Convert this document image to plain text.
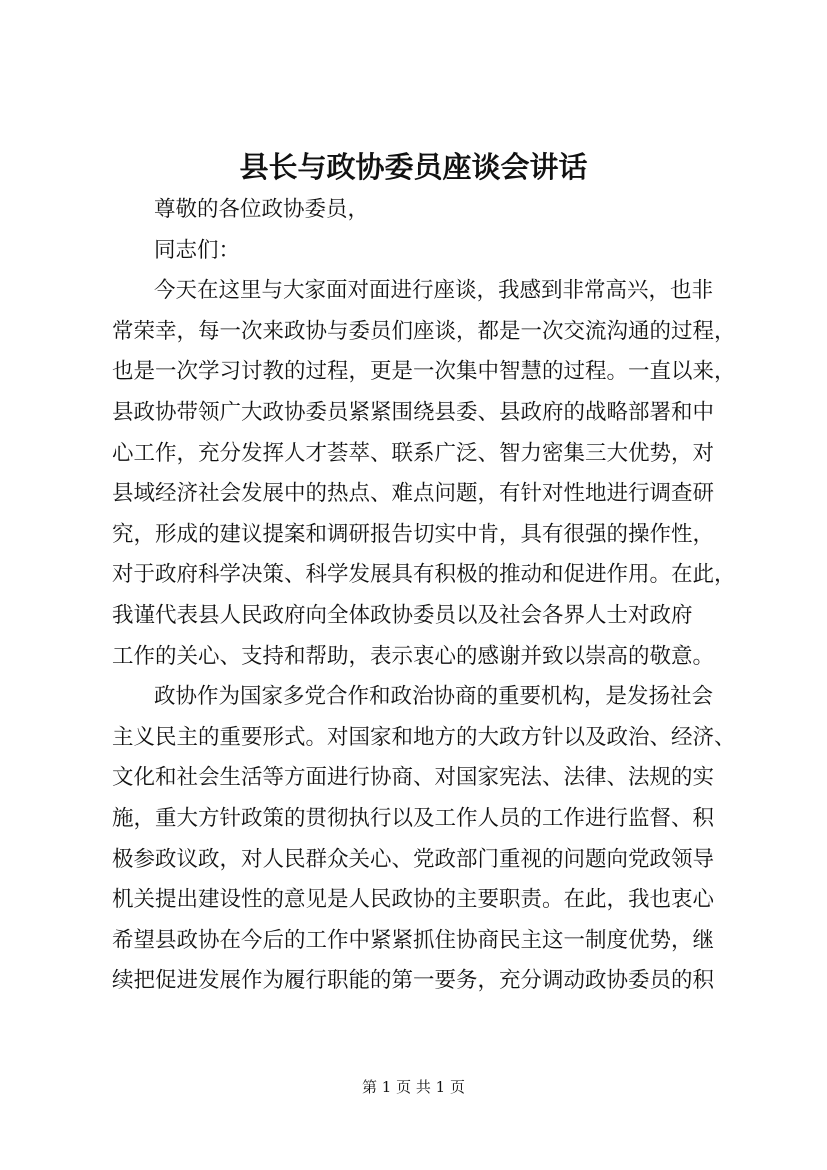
县长与政协委员座谈会讲话
尊敬的各位政协委员，
同志们：
今天在这里与大家面对面进行座谈，我感到非常高兴，也非
常荣幸，每一次来政协与委员们座谈，都是一次交流沟通的过程，
也是一次学习讨教的过程，更是一次集中智慧的过程。一直以来，
县政协带领广大政协委员紧紧围绕县委、县政府的战略部署和中
心工作，充分发挥人才荟萃、联系广泛、智力密集三大优势，对
县域经济社会发展中的热点、难点问题，有针对性地进行调查研
究，形成的建议提案和调研报告切实中肯，具有很强的操作性，
对于政府科学决策、科学发展具有积极的推动和促进作用。在此，
我谨代表县人民政府向全体政协委员以及社会各界人士对政府
工作的关心、支持和帮助，表示衷心的感谢并致以崇高的敬意。
政协作为国家多党合作和政治协商的重要机构，是发扬社会
主义民主的重要形式。对国家和地方的大政方针以及政治、经济、
文化和社会生活等方面进行协商、对国家宪法、法律、法规的实
施，重大方针政策的贯彻执行以及工作人员的工作进行监督、积
极参政议政，对人民群众关心、党政部门重视的问题向党政领导
机关提出建设性的意见是人民政协的主要职责。在此，我也衷心
希望县政协在今后的工作中紧紧抓住协商民主这一制度优势，继
续把促进发展作为履行职能的第一要务，充分调动政协委员的积
第 1 页 共 1 页
